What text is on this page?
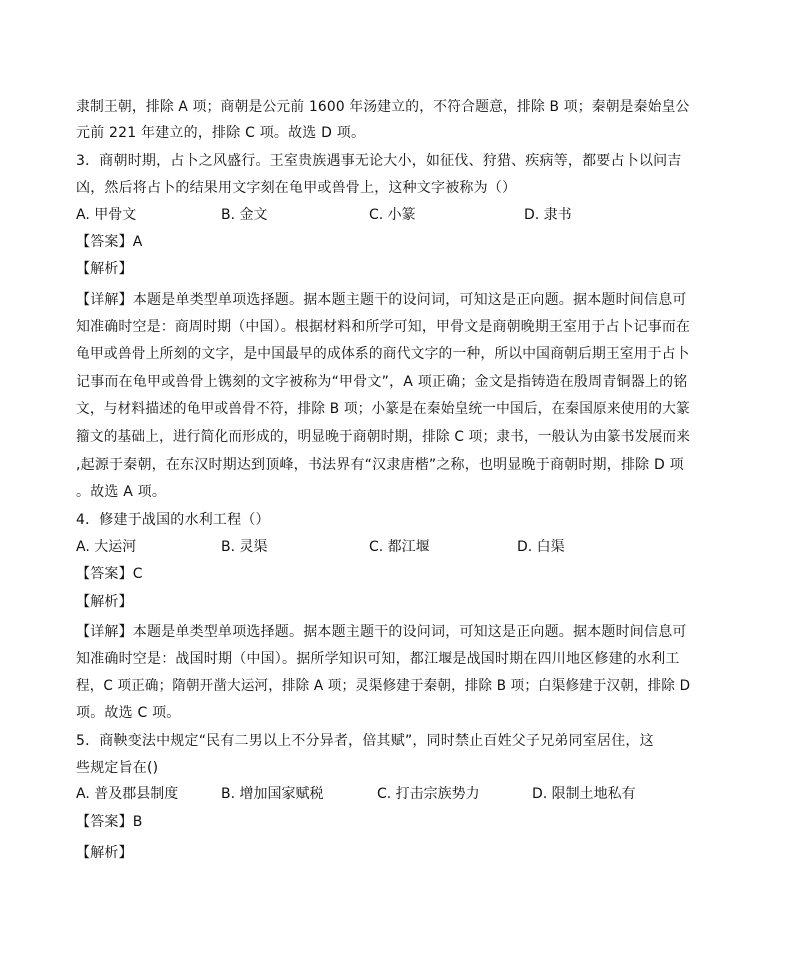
隶制王朝，排除 A 项；商朝是公元前 1600 年汤建立的，不符合题意，排除 B 项；秦朝是秦始皇公
元前 221 年建立的，排除 C 项。故选 D 项。
3．商朝时期，占卜之风盛行。王室贵族遇事无论大小，如征伐、狩猎、疾病等，都要占卜以问吉
凶，然后将占卜的结果用文字刻在龟甲或兽骨上，这种文字被称为（）
A. 甲骨文	B. 金文	C. 小篆	D. 隶书
【答案】A
【解析】
【详解】本题是单类型单项选择题。据本题主题干的设问词，可知这是正向题。据本题时间信息可
知准确时空是：商周时期（中国）。根据材料和所学可知，甲骨文是商朝晚期王室用于占卜记事而在
龟甲或兽骨上所刻的文字，是中国最早的成体系的商代文字的一种，所以中国商朝后期王室用于占卜
记事而在龟甲或兽骨上镌刻的文字被称为“甲骨文”，A 项正确；金文是指铸造在殷周青铜器上的铭
文，与材料描述的龟甲或兽骨不符，排除 B 项；小篆是在秦始皇统一中国后，在秦国原来使用的大篆
籀文的基础上，进行简化而形成的，明显晚于商朝时期，排除 C 项；隶书，一般认为由篆书发展而来
,起源于秦朝，在东汉时期达到顶峰，书法界有“汉隶唐楷”之称，也明显晚于商朝时期，排除 D 项
。故选 A 项。
4．修建于战国的水利工程（）
A. 大运河	B. 灵渠	C. 都江堰	D. 白渠
【答案】C
【解析】
【详解】本题是单类型单项选择题。据本题主题干的设问词，可知这是正向题。据本题时间信息可
知准确时空是：战国时期（中国）。据所学知识可知，都江堰是战国时期在四川地区修建的水利工
程，C 项正确；隋朝开凿大运河，排除 A 项；灵渠修建于秦朝，排除 B 项；白渠修建于汉朝，排除 D
项。故选 C 项。
5．商鞅变法中规定“民有二男以上不分异者，倍其赋”，同时禁止百姓父子兄弟同室居住，这
些规定旨在()
A. 普及郡县制度	B. 增加国家赋税	C. 打击宗族势力	D. 限制土地私有
【答案】B
【解析】
